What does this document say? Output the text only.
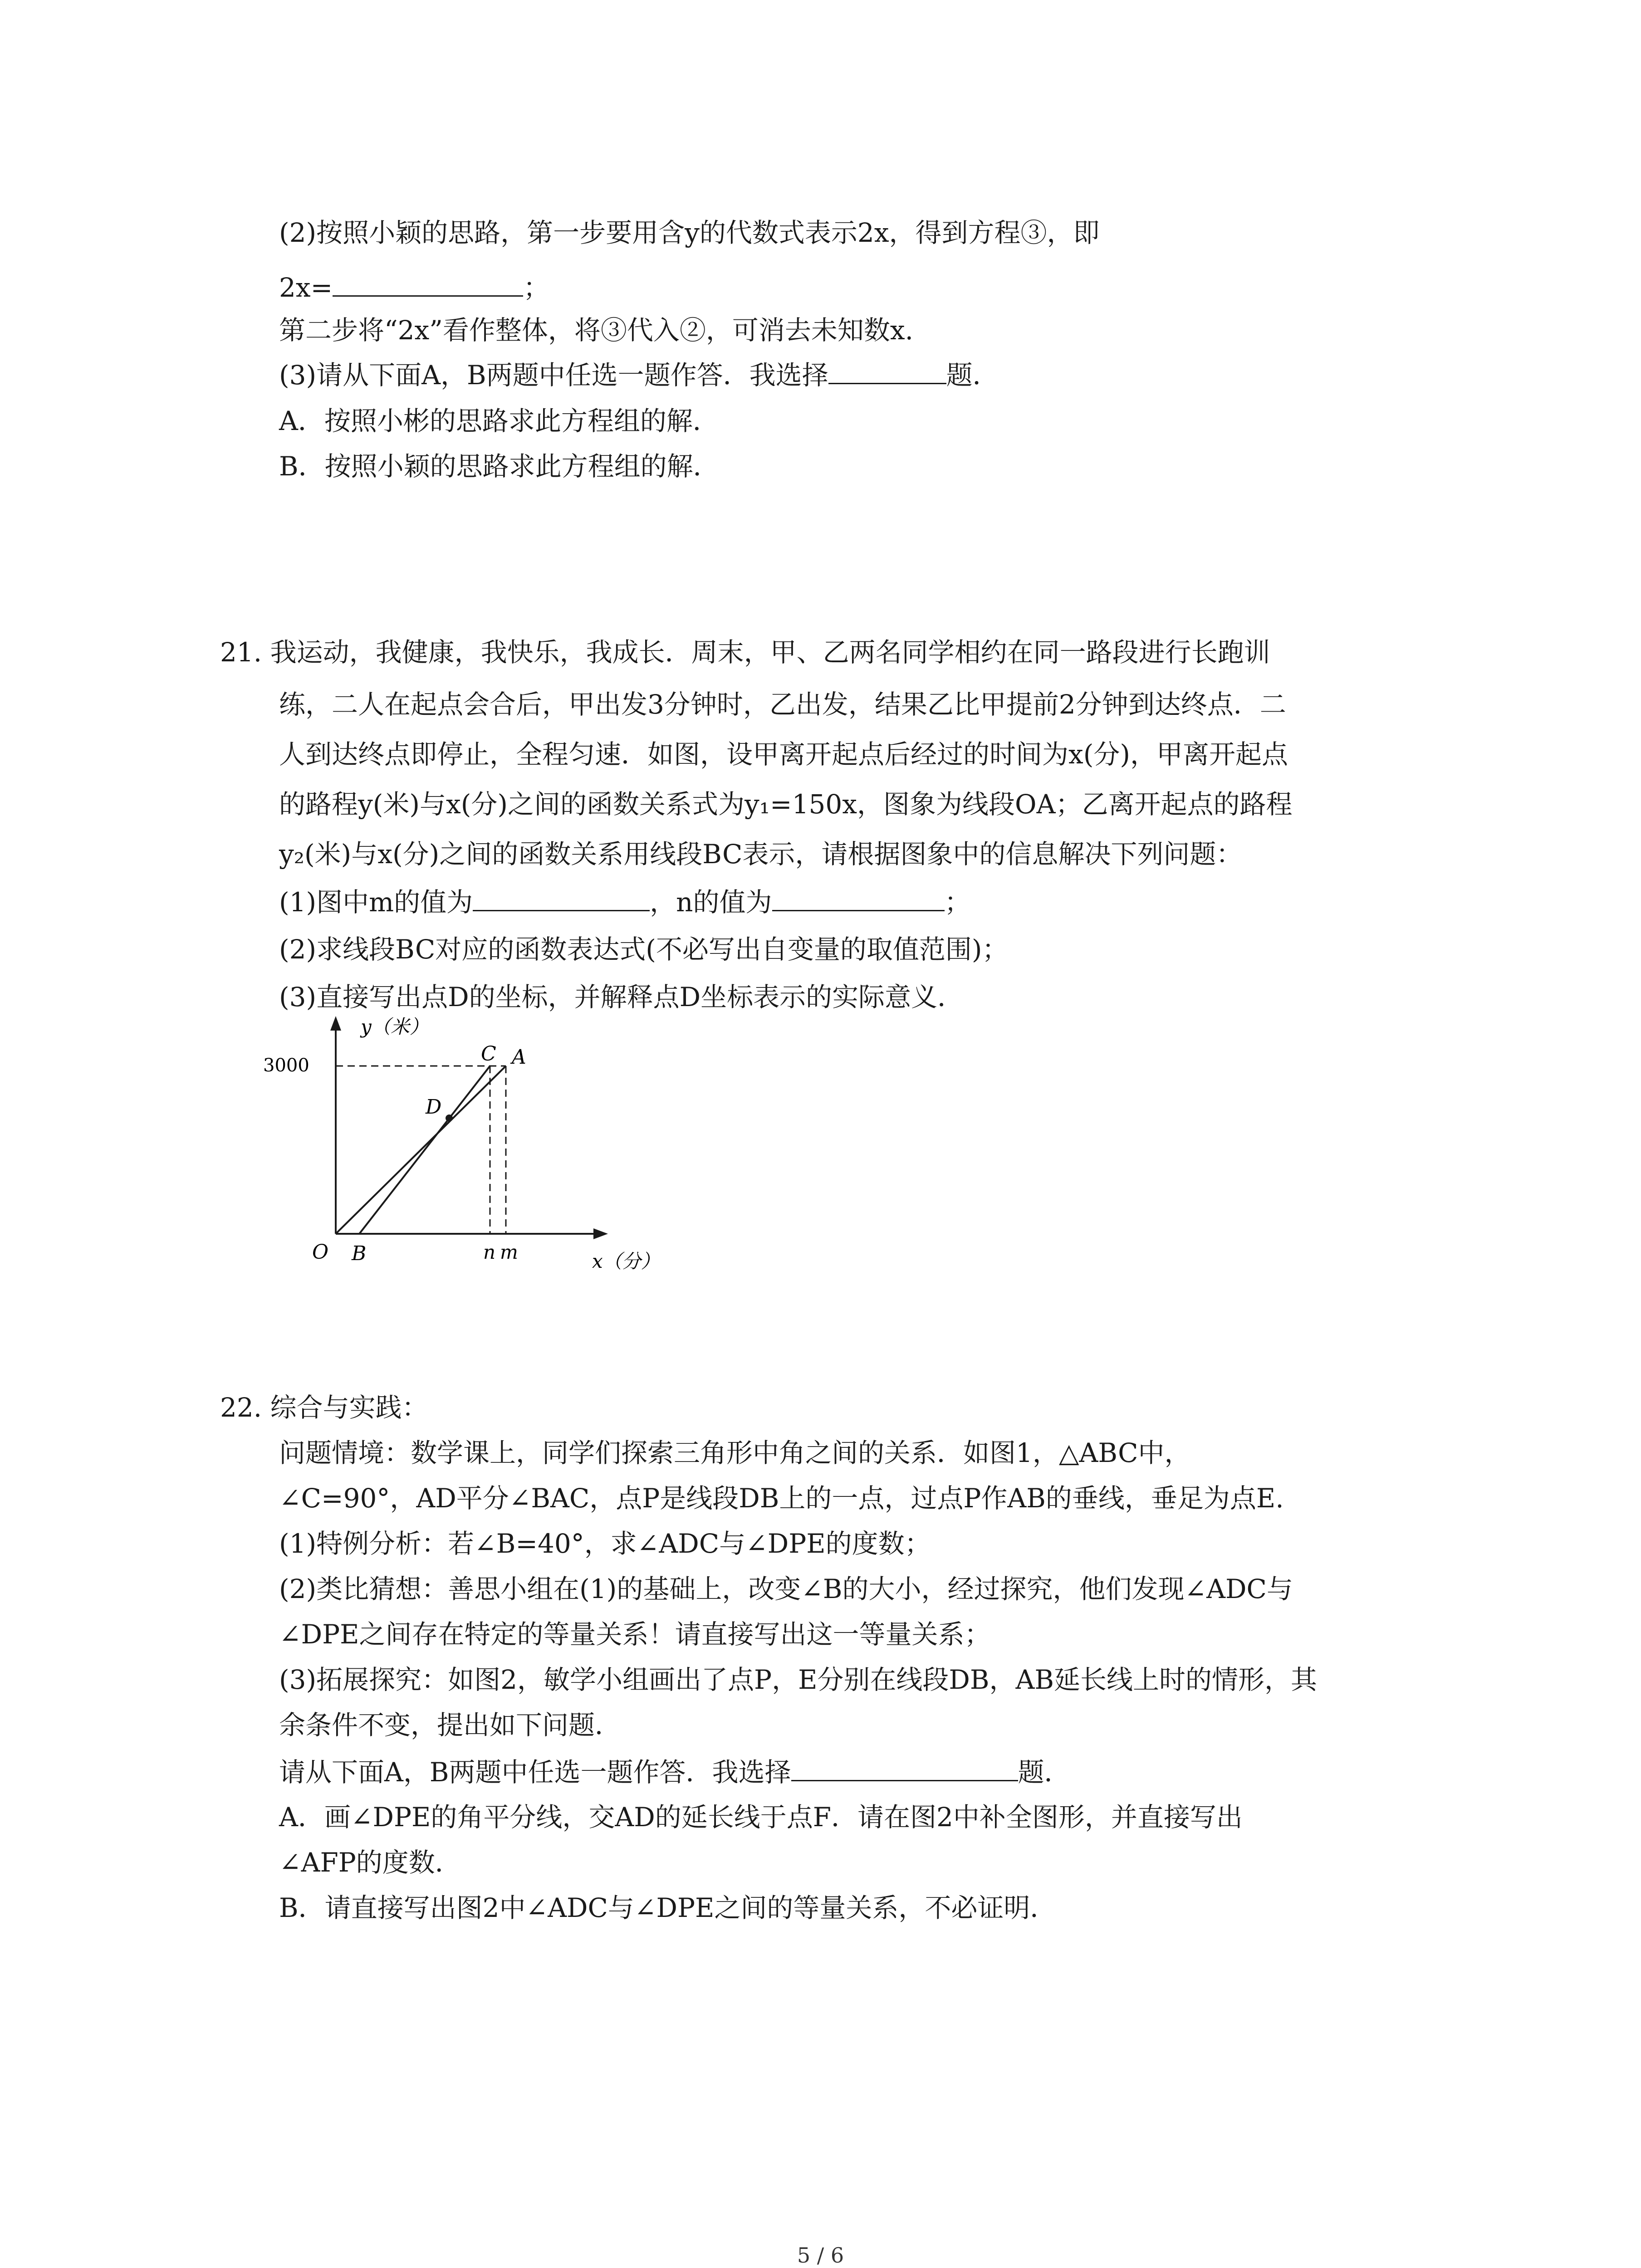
(2)按照小颖的思路，第一步要用含y的代数式表示2x，得到方程③，即
2x=	；
第二步将“2x”看作整体，将③代入②，可消去未知数x.
(3)请从下面A，B两题中任选一题作答．我选择	题．
A．按照小彬的思路求此方程组的解．
B．按照小颖的思路求此方程组的解．
21. 我运动，我健康，我快乐，我成长．周末，甲、乙两名同学相约在同一路段进行长跑训
练，二人在起点会合后，甲出发3分钟时，乙出发，结果乙比甲提前2分钟到达终点．二
人到达终点即停止，全程匀速．如图，设甲离开起点后经过的时间为x(分)，甲离开起点
的路程y(米)与x(分)之间的函数关系式为y₁=150x，图象为线段OA；乙离开起点的路程
y₂(米)与x(分)之间的函数关系用线段BC表示，请根据图象中的信息解决下列问题：
(1)图中m的值为	，n的值为	；
(2)求线段BC对应的函数表达式(不必写出自变量的取值范围)；
(3)直接写出点D的坐标，并解释点D坐标表示的实际意义．
y（米）
3000
O B
C A
D
n m	x（分）
22. 综合与实践：
问题情境：数学课上，同学们探索三角形中角之间的关系．如图1，△ABC中，
∠C=90°，AD平分∠BAC，点P是线段DB上的一点，过点P作AB的垂线，垂足为点E.
(1)特例分析：若∠B=40°，求∠ADC与∠DPE的度数；
(2)类比猜想：善思小组在(1)的基础上，改变∠B的大小，经过探究，他们发现∠ADC与
∠DPE之间存在特定的等量关系！请直接写出这一等量关系；
(3)拓展探究：如图2，敏学小组画出了点P，E分别在线段DB，AB延长线上时的情形，其
余条件不变，提出如下问题．
请从下面A，B两题中任选一题作答．我选择	题．
A．画∠DPE的角平分线，交AD的延长线于点F．请在图2中补全图形，并直接写出
∠AFP的度数．
B．请直接写出图2中∠ADC与∠DPE之间的等量关系，不必证明．
5 / 6
